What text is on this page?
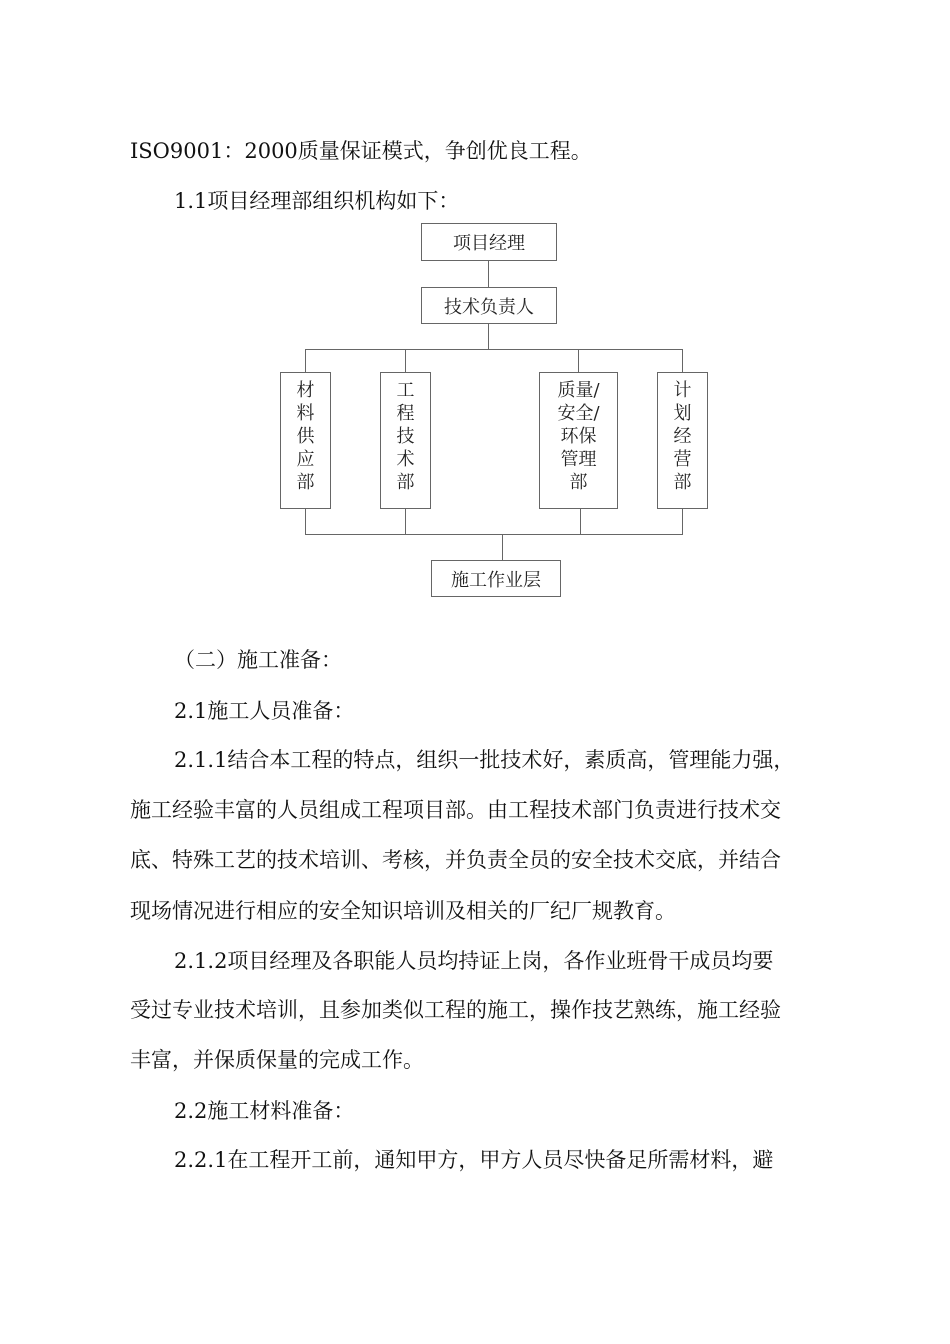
ISO9001：2000质量保证模式，争创优良工程。
1.1项目经理部组织机构如下：
项目经理
技术负责人
材
料
供
应
部
工
程
技
术
部
质量/
安全/
环保
管理
部
计
划
经
营
部
施工作业层
（二）施工准备：
2.1施工人员准备：
2.1.1结合本工程的特点，组织一批技术好，素质高，管理能力强，
施工经验丰富的人员组成工程项目部。由工程技术部门负责进行技术交
底、特殊工艺的技术培训、考核，并负责全员的安全技术交底，并结合
现场情况进行相应的安全知识培训及相关的厂纪厂规教育。
2.1.2项目经理及各职能人员均持证上岗，各作业班骨干成员均要
受过专业技术培训，且参加类似工程的施工，操作技艺熟练，施工经验
丰富，并保质保量的完成工作。
2.2施工材料准备：
2.2.1在工程开工前，通知甲方，甲方人员尽快备足所需材料，避
